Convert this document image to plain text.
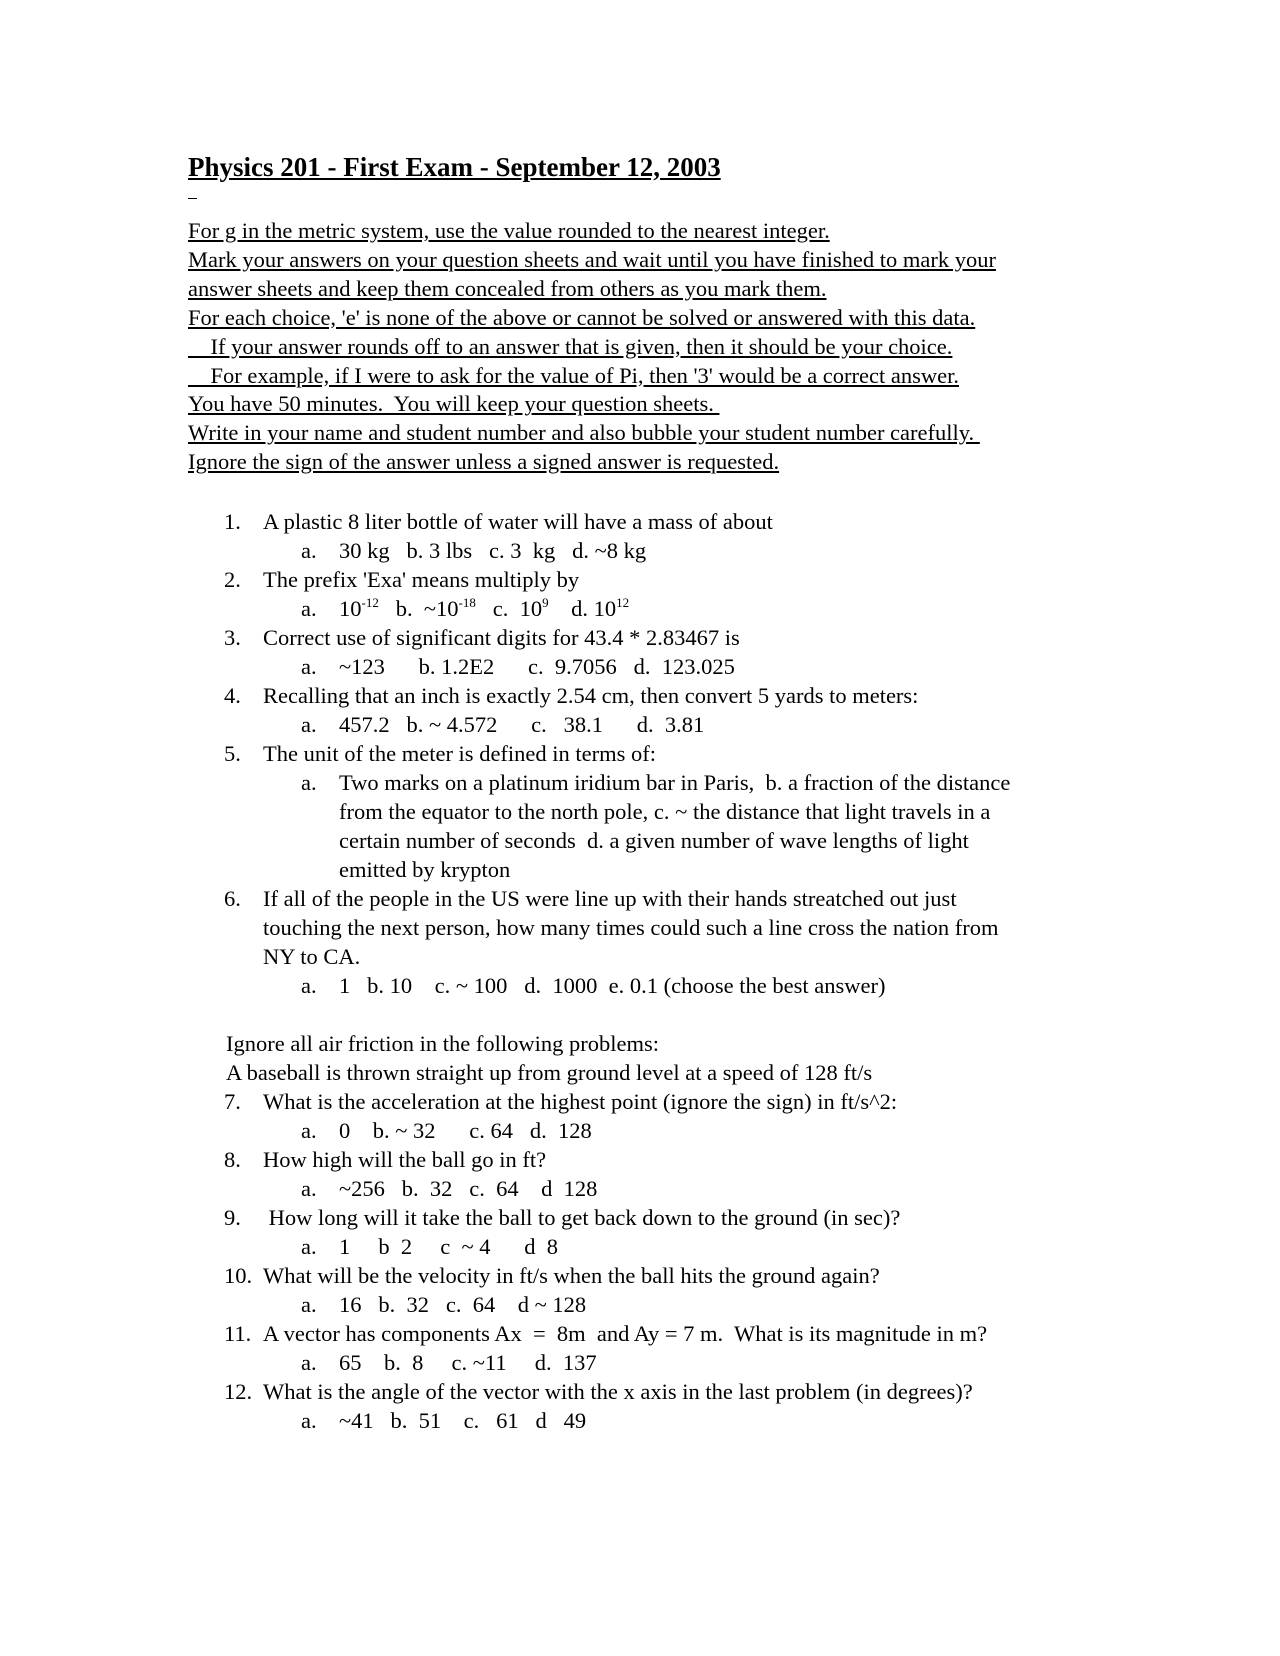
Physics 201 - First Exam - September 12, 2003
For g in the metric system, use the value rounded to the nearest integer.
Mark your answers on your question sheets and wait until you have finished to mark your
answer sheets and keep them concealed from others as you mark them.
For each choice, 'e' is none of the above or cannot be solved or answered with this data.
If your answer rounds off to an answer that is given, then it should be your choice.
For example, if I were to ask for the value of Pi, then '3' would be a correct answer.
You have 50 minutes.  You will keep your question sheets.
Write in your name and student number and also bubble your student number carefully.
Ignore the sign of the answer unless a signed answer is requested.
1. A plastic 8 liter bottle of water will have a mass of about
a. 30 kg   b. 3 lbs   c. 3  kg   d. ~8 kg
2. The prefix 'Exa' means multiply by
a. $10^{-12}$ b.  $\sim 10^{-18}$ c.  $10^9$ d. $10^{12}$
3. Correct use of significant digits for 43.4 * 2.83467 is
a. ~123      b. 1.2E2      c.  9.7056   d.  123.025
4. Recalling that an inch is exactly 2.54 cm, then convert 5 yards to meters:
a. 457.2   b. ~ 4.572      c.   38.1      d.  3.81
5. The unit of the meter is defined in terms of:
a. Two marks on a platinum iridium bar in Paris,  b. a fraction of the distance
from the equator to the north pole, c. ~ the distance that light travels in a
certain number of seconds  d. a given number of wave lengths of light
emitted by krypton
6. If all of the people in the US were line up with their hands streatched out just
touching the next person, how many times could such a line cross the nation from
NY to CA.
a. 1   b. 10    c. ~ 100   d.  1000  e. 0.1 (choose the best answer)
Ignore all air friction in the following problems:
A baseball is thrown straight up from ground level at a speed of 128 ft/s
7. What is the acceleration at the highest point (ignore the sign) in ft/s^2:
a. 0    b. ~ 32      c. 64   d.  128
8. How high will the ball go in ft?
a. ~256   b.  32   c.  64    d  128
9. How long will it take the ball to get back down to the ground (in sec)?
a. 1     b  2     c  ~ 4      d  8
10. What will be the velocity in ft/s when the ball hits the ground again?
a. 16   b.  32   c.  64    d ~ 128
11. A vector has components Ax  =  8m  and Ay = 7 m.  What is its magnitude in m?
a. 65    b.  8     c. ~11     d.  137
12. What is the angle of the vector with the x axis in the last problem (in degrees)?
a. ~41   b.  51    c.   61   d   49
